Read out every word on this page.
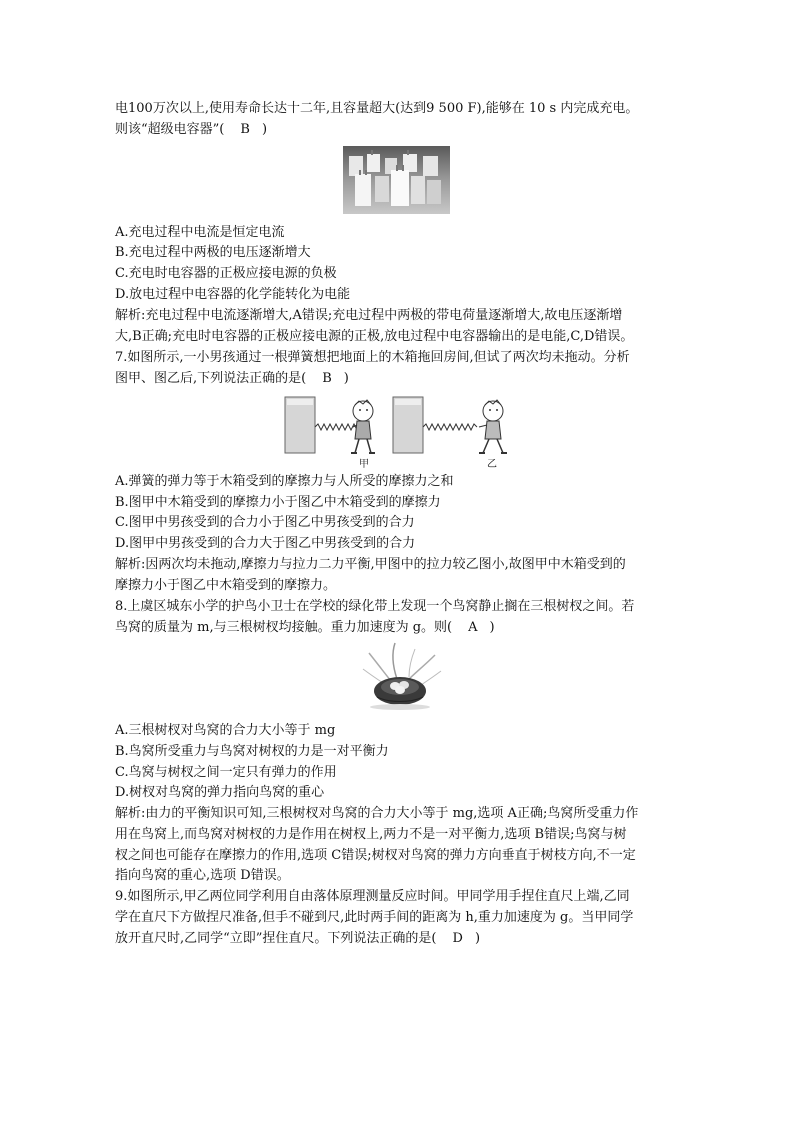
电100万次以上,使用寿命长达十二年,且容量超大(达到9 500 F),能够在 10 s 内完成充电。
则该“超级电容器”( B )
A.充电过程中电流是恒定电流
B.充电过程中两极的电压逐渐增大
C.充电时电容器的正极应接电源的负极
D.放电过程中电容器的化学能转化为电能
解析:充电过程中电流逐渐增大,A错误;充电过程中两极的带电荷量逐渐增大,故电压逐渐增
大,B正确;充电时电容器的正极应接电源的正极,放电过程中电容器输出的是电能,C,D错误。
7.如图所示,一小男孩通过一根弹簧想把地面上的木箱拖回房间,但试了两次均未拖动。分析
图甲、图乙后,下列说法正确的是( B )
甲	乙
A.弹簧的弹力等于木箱受到的摩擦力与人所受的摩擦力之和
B.图甲中木箱受到的摩擦力小于图乙中木箱受到的摩擦力
C.图甲中男孩受到的合力小于图乙中男孩受到的合力
D.图甲中男孩受到的合力大于图乙中男孩受到的合力
解析:因两次均未拖动,摩擦力与拉力二力平衡,甲图中的拉力较乙图小,故图甲中木箱受到的
摩擦力小于图乙中木箱受到的摩擦力。
8.上虞区城东小学的护鸟小卫士在学校的绿化带上发现一个鸟窝静止搁在三根树杈之间。若
鸟窝的质量为 m,与三根树杈均接触。重力加速度为 g。则( A )
A.三根树杈对鸟窝的合力大小等于 mg
B.鸟窝所受重力与鸟窝对树杈的力是一对平衡力
C.鸟窝与树杈之间一定只有弹力的作用
D.树杈对鸟窝的弹力指向鸟窝的重心
解析:由力的平衡知识可知,三根树杈对鸟窝的合力大小等于 mg,选项 A正确;鸟窝所受重力作
用在鸟窝上,而鸟窝对树杈的力是作用在树杈上,两力不是一对平衡力,选项 B错误;鸟窝与树
杈之间也可能存在摩擦力的作用,选项 C错误;树杈对鸟窝的弹力方向垂直于树枝方向,不一定
指向鸟窝的重心,选项 D错误。
9.如图所示,甲乙两位同学利用自由落体原理测量反应时间。甲同学用手捏住直尺上端,乙同
学在直尺下方做捏尺准备,但手不碰到尺,此时两手间的距离为 h,重力加速度为 g。当甲同学
放开直尺时,乙同学“立即”捏住直尺。下列说法正确的是( D )
